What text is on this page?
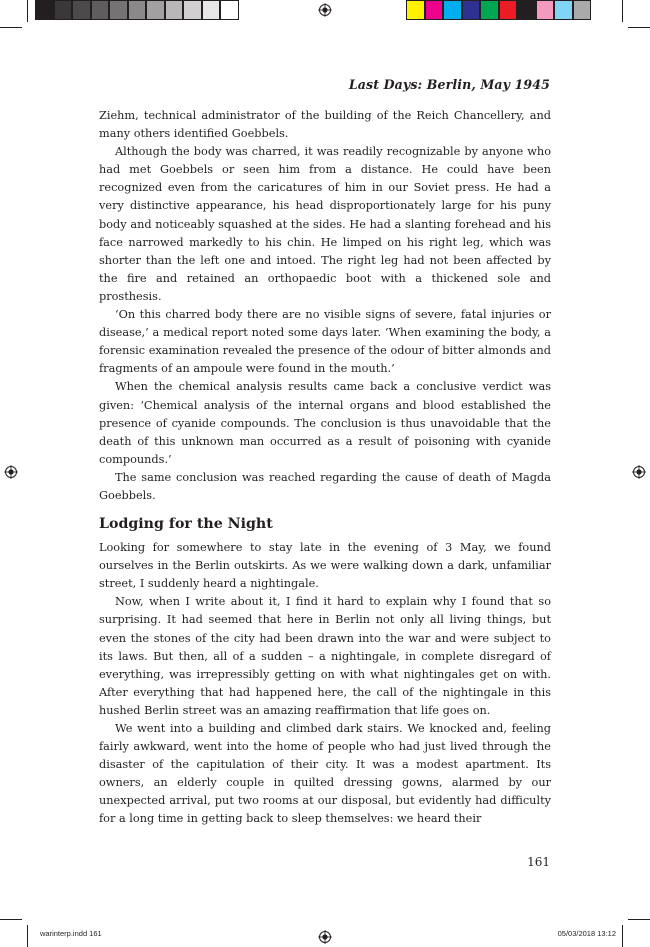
Last Days: Berlin, May 1945

Ziehm, technical administrator of the building of the Reich Chancellery, and many others identified Goebbels.

Although the body was charred, it was readily recognizable by anyone who had met Goebbels or seen him from a distance. He could have been recognized even from the caricatures of him in our Soviet press. He had a very distinctive appearance, his head disproportionately large for his puny body and noticeably squashed at the sides. He had a slanting forehead and his face narrowed markedly to his chin. He limped on his right leg, which was shorter than the left one and intoed. The right leg had not been affected by the fire and retained an orthopaedic boot with a thickened sole and prosthesis.

‘On this charred body there are no visible signs of severe, fatal injuries or disease,’ a medical report noted some days later. ‘When examining the body, a forensic examination revealed the presence of the odour of bitter almonds and fragments of an ampoule were found in the mouth.’

When the chemical analysis results came back a conclusive verdict was given: ‘Chemical analysis of the internal organs and blood established the presence of cyanide compounds. The conclusion is thus unavoidable that the death of this unknown man occurred as a result of poisoning with cyanide compounds.’

The same conclusion was reached regarding the cause of death of Magda Goebbels.

Lodging for the Night

Looking for somewhere to stay late in the evening of 3 May, we found ourselves in the Berlin outskirts. As we were walking down a dark, unfamiliar street, I suddenly heard a nightingale.

Now, when I write about it, I find it hard to explain why I found that so surprising. It had seemed that here in Berlin not only all living things, but even the stones of the city had been drawn into the war and were subject to its laws. But then, all of a sudden – a nightingale, in complete disregard of everything, was irrepressibly getting on with what nightingales get on with. After everything that had happened here, the call of the nightingale in this hushed Berlin street was an amazing reaffirmation that life goes on.

We went into a building and climbed dark stairs. We knocked and, feeling fairly awkward, went into the home of people who had just lived through the disaster of the capitulation of their city. It was a modest apartment. Its owners, an elderly couple in quilted dressing gowns, alarmed by our unexpected arrival, put two rooms at our disposal, but evidently had difficulty for a long time in getting back to sleep themselves: we heard their

161
warinterp.indd 161	05/03/2018 13:12
